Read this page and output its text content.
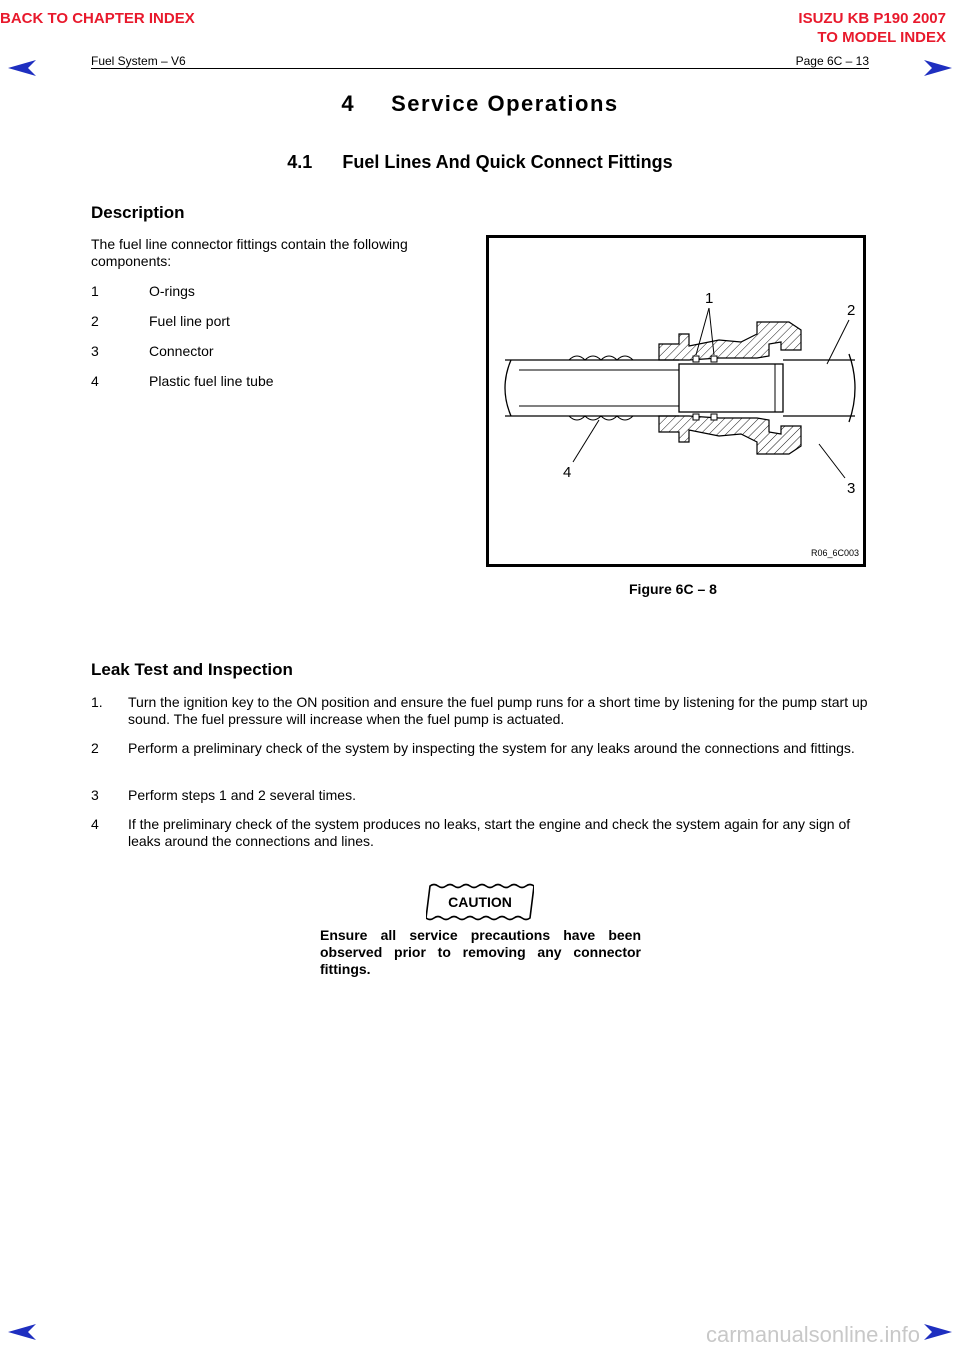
BACK TO CHAPTER INDEX	ISUZU KB P190 2007
TO MODEL INDEX
Fuel System – V6	Page 6C – 13
4 Service Operations
4.1 Fuel Lines And Quick Connect Fittings
Description

The fuel line connector fittings contain the following components:

1	O-rings
2	Fuel line port
3	Connector
4	Plastic fuel line tube
1
2
3
4
R06_6C003
Figure 6C – 8
Leak Test and Inspection
1. Turn the ignition key to the ON position and ensure the fuel pump runs for a short time by listening for the pump start up sound. The fuel pressure will increase when the fuel pump is actuated.
2 Perform a preliminary check of the system by inspecting the system for any leaks around the connections and fittings.
3 Perform steps 1 and 2 several times.
4 If the preliminary check of the system produces no leaks, start the engine and check the system again for any sign of leaks around the connections and lines.
CAUTION

Ensure all service precautions have been observed prior to removing any connector fittings.

carmanualsonline.info
